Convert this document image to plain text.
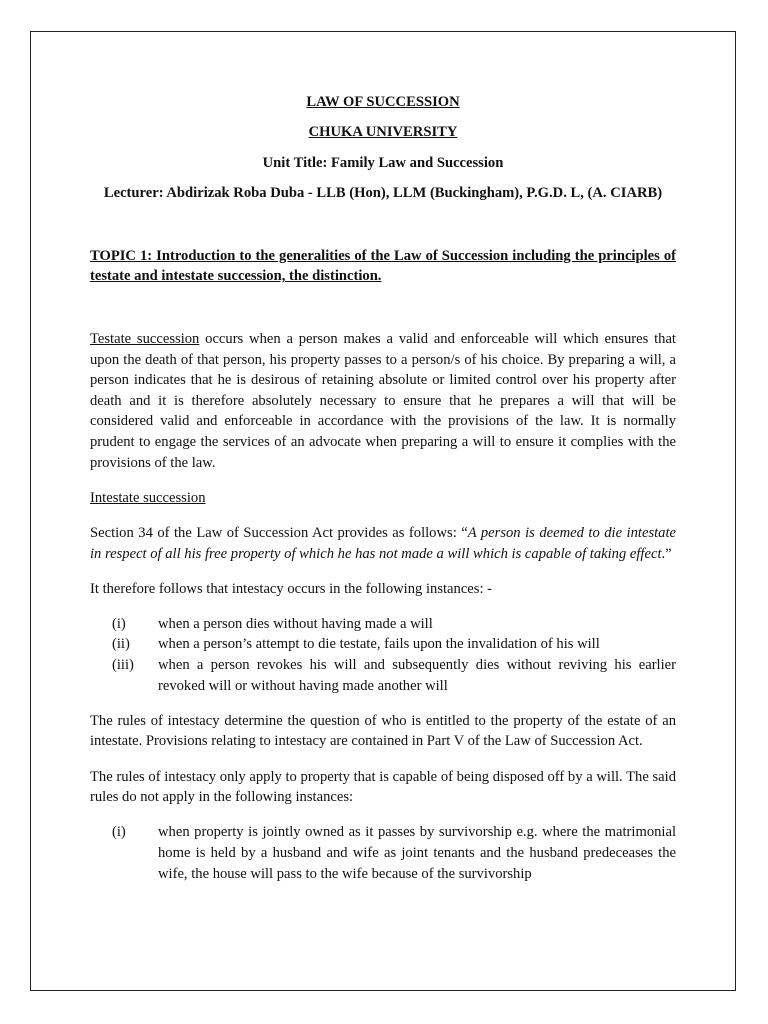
LAW OF SUCCESSION

CHUKA UNIVERSITY

Unit Title: Family Law and Succession

Lecturer: Abdirizak Roba Duba - LLB (Hon), LLM (Buckingham), P.G.D. L, (A. CIARB)

TOPIC 1: Introduction to the generalities of the Law of Succession including the principles of testate and intestate succession, the distinction.

Testate succession occurs when a person makes a valid and enforceable will which ensures that upon the death of that person, his property passes to a person/s of his choice. By preparing a will, a person indicates that he is desirous of retaining absolute or limited control over his property after death and it is therefore absolutely necessary to ensure that he prepares a will that will be considered valid and enforceable in accordance with the provisions of the law. It is normally prudent to engage the services of an advocate when preparing a will to ensure it complies with the provisions of the law.

Intestate succession

Section 34 of the Law of Succession Act provides as follows: “A person is deemed to die intestate in respect of all his free property of which he has not made a will which is capable of taking effect.”

It therefore follows that intestacy occurs in the following instances: -

(i)	when a person dies without having made a will
(ii)	when a person’s attempt to die testate, fails upon the invalidation of his will
(iii)	when a person revokes his will and subsequently dies without reviving his earlier revoked will or without having made another will

The rules of intestacy determine the question of who is entitled to the property of the estate of an intestate. Provisions relating to intestacy are contained in Part V of the Law of Succession Act.

The rules of intestacy only apply to property that is capable of being disposed off by a will. The said rules do not apply in the following instances:

(i)	when property is jointly owned as it passes by survivorship e.g. where the matrimonial home is held by a husband and wife as joint tenants and the husband predeceases the wife, the house will pass to the wife because of the survivorship
